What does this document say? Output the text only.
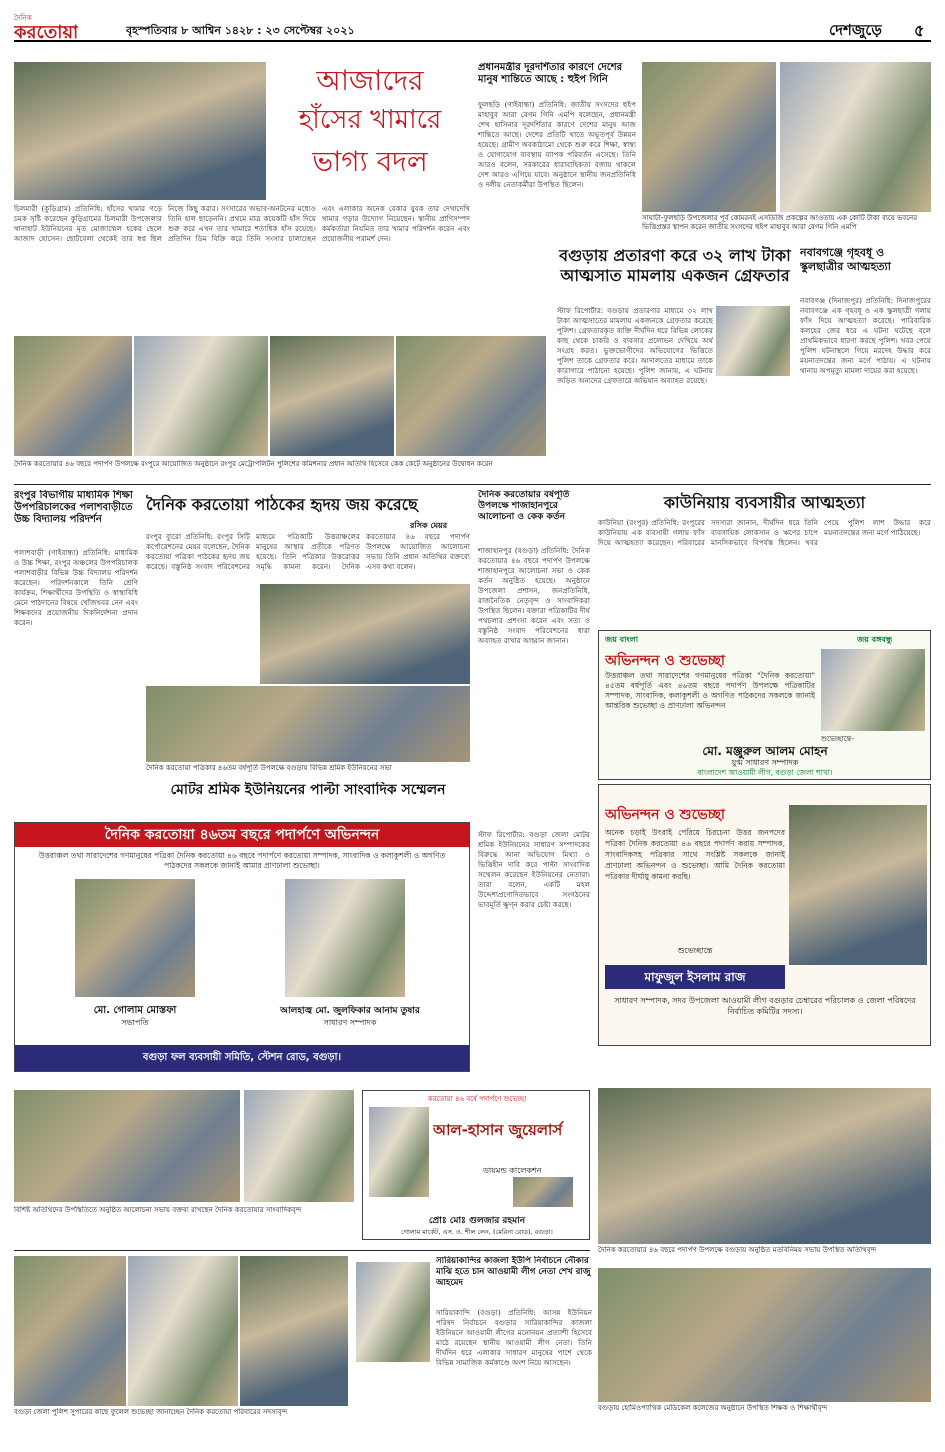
দৈনিক
করতোয়া	বৃহস্পতিবার ৮ আশ্বিন ১৪২৮ : ২৩ সেপ্টেম্বর ২০২১	দেশজুড়ে ৫
আজাদের
হাঁসের খামারে
ভাগ্য বদল
চিলমারী (কুড়িগ্রাম) প্রতিনিধি: হাঁসের খামার গড়ে চমক সৃষ্টি করেছেন কুড়িগ্রামের চিলমারী উপজেলার থানাহাট ইউনিয়নের মৃত মোজাম্মেল হকের ছেলে আজাদ হোসেন। ছোটবেলা থেকেই তার স্বপ্ন ছিল নিজে কিছু করার। সংসারের অভাব-অনটনের মধ্যেও তিনি হাল ছাড়েননি। প্রথমে মাত্র কয়েকটি হাঁস দিয়ে শুরু করে এখন তার খামারে শতাধিক হাঁস রয়েছে। প্রতিদিন ডিম বিক্রি করে তিনি সংসার চালাচ্ছেন এবং এলাকার অনেক বেকার যুবক তার দেখাদেখি খামার গড়ার উদ্যোগ নিয়েছেন। স্থানীয় প্রাণিসম্পদ কর্মকর্তারা নিয়মিত তার খামার পরিদর্শন করেন এবং প্রয়োজনীয় পরামর্শ দেন।
প্রধানমন্ত্রীর দূরদর্শিতার কারণে দেশের মানুষ শান্তিতে আছে : হুইপ গিনি
ফুলছড়ি (গাইবান্ধা) প্রতিনিধি: জাতীয় সংসদের হুইপ মাহাবুব আরা বেগম গিনি এমপি বলেছেন, প্রধানমন্ত্রী শেখ হাসিনার দূরদর্শিতার কারণে দেশের মানুষ আজ শান্তিতে আছে। দেশের প্রতিটি খাতে অভূতপূর্ব উন্নয়ন হয়েছে। গ্রামীণ অবকাঠামো থেকে শুরু করে শিক্ষা, স্বাস্থ্য ও যোগাযোগ ব্যবস্থায় ব্যাপক পরিবর্তন এসেছে। তিনি আরও বলেন, সরকারের ধারাবাহিকতা বজায় থাকলে দেশ আরও এগিয়ে যাবে। অনুষ্ঠানে স্থানীয় জনপ্রতিনিধি ও দলীয় নেতাকর্মীরা উপস্থিত ছিলেন।
সাঘাটা-ফুলছড়ি উপজেলার পূর্ব কোমরনই এসডিজি প্রকল্পের আওতায় এক কোটি টাকা ব্যয়ে ভবনের ভিত্তিপ্রস্তর স্থাপন করেন জাতীয় সংসদের হুইপ মাহাবুব আরা বেগম গিনি এমপি
বগুড়ায় প্রতারণা করে ৩২ লাখ টাকা আত্মসাত মামলায় একজন গ্রেফতার
স্টাফ রিপোর্টার: বগুড়ায় প্রতারণার মাধ্যমে ৩২ লাখ টাকা আত্মসাতের মামলায় একজনকে গ্রেফতার করেছে পুলিশ। গ্রেফতারকৃত ব্যক্তি দীর্ঘদিন ধরে বিভিন্ন লোকের কাছ থেকে চাকরি ও ব্যবসার প্রলোভন দেখিয়ে অর্থ সংগ্রহ করত। ভুক্তভোগীদের অভিযোগের ভিত্তিতে পুলিশ তাকে গ্রেফতার করে। আদালতের মাধ্যমে তাকে কারাগারে পাঠানো হয়েছে। পুলিশ জানায়, এ ঘটনায় জড়িত অন্যদের গ্রেফতারে অভিযান অব্যাহত রয়েছে।
নবাবগঞ্জে গৃহবধূ ও স্কুলছাত্রীর আত্মহত্যা
নবাবগঞ্জ (দিনাজপুর) প্রতিনিধি: দিনাজপুরের নবাবগঞ্জে এক গৃহবধূ ও এক স্কুলছাত্রী গলায় ফাঁস দিয়ে আত্মহত্যা করেছে। পারিবারিক কলহের জের ধরে এ ঘটনা ঘটেছে বলে প্রাথমিকভাবে ধারণা করছে পুলিশ। খবর পেয়ে পুলিশ ঘটনাস্থলে গিয়ে মরদেহ উদ্ধার করে ময়নাতদন্তের জন্য মর্গে পাঠায়। এ ঘটনায় থানায় অপমৃত্যু মামলা দায়ের করা হয়েছে।
দৈনিক করতোয়ার ৪৬ বছরে পদার্পণ উপলক্ষে রংপুরে আয়োজিত অনুষ্ঠানে রংপুর মেট্রোপলিটন পুলিশের কমিশনার প্রধান অতিথি হিসেবে কেক কেটে অনুষ্ঠানের উদ্বোধন করেন
রংপুর বিভাগীয় মাধ্যমিক শিক্ষা উপপরিচালকের পলাশবাড়ীতে উচ্চ বিদ্যালয় পরিদর্শন
পলাশবাড়ী (গাইবান্ধা) প্রতিনিধি: মাধ্যমিক ও উচ্চ শিক্ষা, রংপুর অঞ্চলের উপপরিচালক পলাশবাড়ীর বিভিন্ন উচ্চ বিদ্যালয় পরিদর্শন করেছেন। পরিদর্শনকালে তিনি শ্রেণি কার্যক্রম, শিক্ষার্থীদের উপস্থিতি ও স্বাস্থ্যবিধি মেনে পাঠদানের বিষয়ে খোঁজখবর নেন এবং শিক্ষকদের প্রয়োজনীয় দিকনির্দেশনা প্রদান করেন।
দৈনিক করতোয়া পাঠকের হৃদয় জয় করেছে
রসিক মেয়র
রংপুর ব্যুরো প্রতিনিধি: রংপুর সিটি কর্পোরেশনের মেয়র বলেছেন, দৈনিক করতোয়া পত্রিকা পাঠকের হৃদয় জয় করেছে। বস্তুনিষ্ঠ সংবাদ পরিবেশনের মাধ্যমে পত্রিকাটি উত্তরাঞ্চলের মানুষের আস্থার প্রতীকে পরিণত হয়েছে। তিনি পত্রিকার উত্তরোত্তর সমৃদ্ধি কামনা করেন। দৈনিক করতোয়ার ৪৬ বছরে পদার্পণ উপলক্ষে আয়োজিত আলোচনা সভায় তিনি প্রধান অতিথির বক্তব্যে এসব কথা বলেন।
দৈনিক করতোয়ার বর্ষপূর্তি উপলক্ষে শাজাহানপুরে আলোচনা ও কেক কর্তন
শাজাহানপুর (বগুড়া) প্রতিনিধি: দৈনিক করতোয়ার ৪৬ বছরে পদার্পণ উপলক্ষে শাজাহানপুরে আলোচনা সভা ও কেক কর্তন অনুষ্ঠিত হয়েছে। অনুষ্ঠানে উপজেলা প্রশাসন, জনপ্রতিনিধি, রাজনৈতিক নেতৃবৃন্দ ও সাংবাদিকরা উপস্থিত ছিলেন। বক্তারা পত্রিকাটির দীর্ঘ পথচলার প্রশংসা করেন এবং সত্য ও বস্তুনিষ্ঠ সংবাদ পরিবেশনের ধারা অব্যাহত রাখার আহ্বান জানান।
কাউনিয়ায় ব্যবসায়ীর আত্মহত্যা
কাউনিয়া (রংপুর) প্রতিনিধি: রংপুরের কাউনিয়ায় এক ব্যবসায়ী গলায় ফাঁস দিয়ে আত্মহত্যা করেছেন। পরিবারের সদস্যরা জানান, দীর্ঘদিন ধরে তিনি ব্যবসায়িক লোকসান ও ঋণের চাপে মানসিকভাবে বিপর্যস্ত ছিলেন। খবর পেয়ে পুলিশ লাশ উদ্ধার করে ময়নাতদন্তের জন্য মর্গে পাঠিয়েছে।
দৈনিক করতোয়া পত্রিকার ৪৬তম বর্ষপূর্তি উপলক্ষে বগুড়ায় বিভিন্ন শ্রমিক ইউনিয়নের সভা
মোটর শ্রমিক ইউনিয়নের পাল্টা সাংবাদিক সম্মেলন
জয় বাংলা	জয় বঙ্গবন্ধু
অভিনন্দন ও শুভেচ্ছা
উত্তরাঞ্চল তথা সারাদেশের গণমানুষের পত্রিকা "দৈনিক করতোয়া" ৪৫তম বর্ষপূর্তি এবং ৪৬তম বছরে পদার্পণ উপলক্ষে পত্রিকাটির সম্পাদক, সাংবাদিক, কলাকুশলী ও অগণিত পাঠকদের সকলকে জানাই আন্তরিক শুভেচ্ছা ও প্রাণঢালা অভিনন্দন
শুভেচ্ছান্তে-
মো. মঞ্জুরুল আলম মোহন
যুগ্ম সাধারণ সম্পাদক
বাংলাদেশ আওয়ামী লীগ, বগুড়া জেলা শাখা।
দৈনিক করতোয়া ৪৬তম বছরে পদার্পণে অভিনন্দন
উত্তরাঞ্চল তথা সারাদেশের গণমানুষের পত্রিকা দৈনিক করতোয়া ৪৬ বছরে পদার্পণে করতোয়া সম্পাদক, সাংবাদিক ও কলাকুশলী ও অগণিত পাঠকদের সকলকে জানাই আমার প্রাণঢালা শুভেচ্ছা।
মো. গোলাম মোস্তফা
সভাপতি
আলহাজ্ব মো. জুলফিকার আনাম তুষার
সাধারণ সম্পাদক
বগুড়া ফল ব্যবসায়ী সমিতি, স্টেশন রোড, বগুড়া।
স্টাফ রিপোর্টার: বগুড়া জেলা মোটর শ্রমিক ইউনিয়নের সাধারণ সম্পাদকের বিরুদ্ধে আনা অভিযোগ মিথ্যা ও ভিত্তিহীন দাবি করে পাল্টা সাংবাদিক সম্মেলন করেছেন ইউনিয়নের নেতারা। তারা বলেন, একটি মহল উদ্দেশ্যপ্রণোদিতভাবে সংগঠনের ভাবমূর্তি ক্ষুণ্ন করার চেষ্টা করছে।
অভিনন্দন ও শুভেচ্ছা
অনেক চড়াই উৎরাই পেরিয়ে চিরচেনা উত্তর জনপদের পত্রিকা দৈনিক করতোয়া ৪৬ বছরে পদার্পণ করায় সম্পাদক, সাংবাদিকসহ পত্রিকার সাথে সংশ্লিষ্ট সকলকে জানাই প্রাণঢালা অভিনন্দন ও শুভেচ্ছা। আমি দৈনিক করতোয়া পত্রিকার দীর্ঘায়ু কামনা করছি।
শুভেচ্ছান্তে
মাফুজুল ইসলাম রাজ
সাধারণ সম্পাদক, সদর উপজেলা আওয়ামী লীগ বগুড়ার চেম্বারের পরিচালক ও জেলা পরিষদের নির্বাচিত কমিটির সদস্য।
বিশিষ্ট অতিথিদের উপস্থিতিতে অনুষ্ঠিত আলোচনা সভায় বক্তব্য রাখছেন দৈনিক করতোয়ার সাংবাদিকবৃন্দ
করতোয়া ৪৬ বর্ষে পদার্পণে শুভেচ্ছা
আল-হাসান জুয়েলার্স
ডায়মন্ড কালেকশন
প্রোঃ মোঃ গুলজার রহমান
গোলাম মার্কেট, এস. ও. শীল লেন, (মেরিনা রোড), বগুড়া।
দৈনিক করতোয়ার ৪৬ বছরে পদার্পণ উপলক্ষে বগুড়ায় অনুষ্ঠিত মতবিনিময় সভায় উপস্থিত অতিথিবৃন্দ
বগুড়া জেলা পুলিশ সুপারের কাছে ফুলেল শুভেচ্ছা জানাচ্ছেন দৈনিক করতোয়া পরিবারের সদস্যবৃন্দ
সারিয়াকান্দির কাজলা ইউপি নির্বাচনে নৌকার মাঝি হতে চান আওয়ামী লীগ নেতা শেখ রাজু আহমেদ
সারিয়াকান্দি (বগুড়া) প্রতিনিধি: আসন্ন ইউনিয়ন পরিষদ নির্বাচনে বগুড়ার সারিয়াকান্দির কাজলা ইউনিয়নে আওয়ামী লীগের মনোনয়ন প্রত্যাশী হিসেবে মাঠে রয়েছেন স্থানীয় আওয়ামী লীগ নেতা। তিনি দীর্ঘদিন ধরে এলাকার সাধারণ মানুষের পাশে থেকে বিভিন্ন সামাজিক কর্মকাণ্ডে অংশ নিয়ে আসছেন।
বগুড়ায় হোমিওপ্যাথিক মেডিকেল কলেজের অনুষ্ঠানে উপস্থিত শিক্ষক ও শিক্ষার্থীবৃন্দ
